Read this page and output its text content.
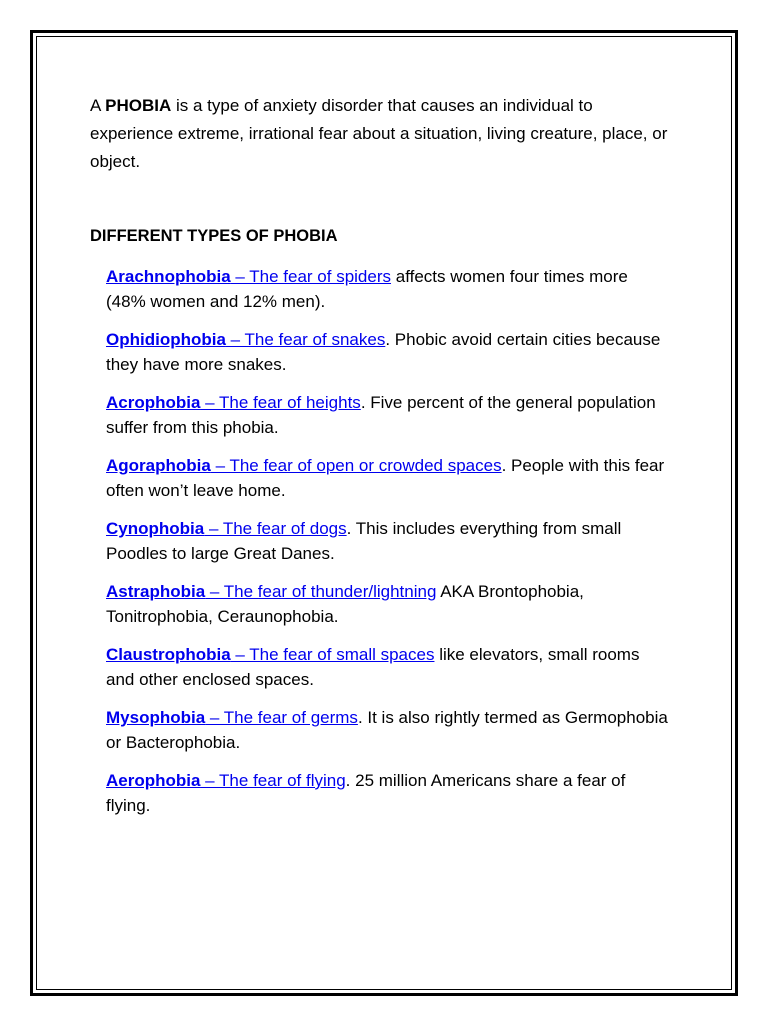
A PHOBIA is a type of anxiety disorder that causes an individual to experience extreme, irrational fear about a situation, living creature, place, or object.

DIFFERENT TYPES OF PHOBIA
Arachnophobia – The fear of spiders affects women four times more (48% women and 12% men).
Ophidiophobia – The fear of snakes. Phobic avoid certain cities because they have more snakes.
Acrophobia – The fear of heights. Five percent of the general population suffer from this phobia.
Agoraphobia – The fear of open or crowded spaces. People with this fear often won’t leave home.
Cynophobia – The fear of dogs. This includes everything from small Poodles to large Great Danes.
Astraphobia – The fear of thunder/lightning AKA Brontophobia, Tonitrophobia, Ceraunophobia.
Claustrophobia – The fear of small spaces like elevators, small rooms and other enclosed spaces.
Mysophobia – The fear of germs. It is also rightly termed as Germophobia or Bacterophobia.
Aerophobia – The fear of flying. 25 million Americans share a fear of flying.
